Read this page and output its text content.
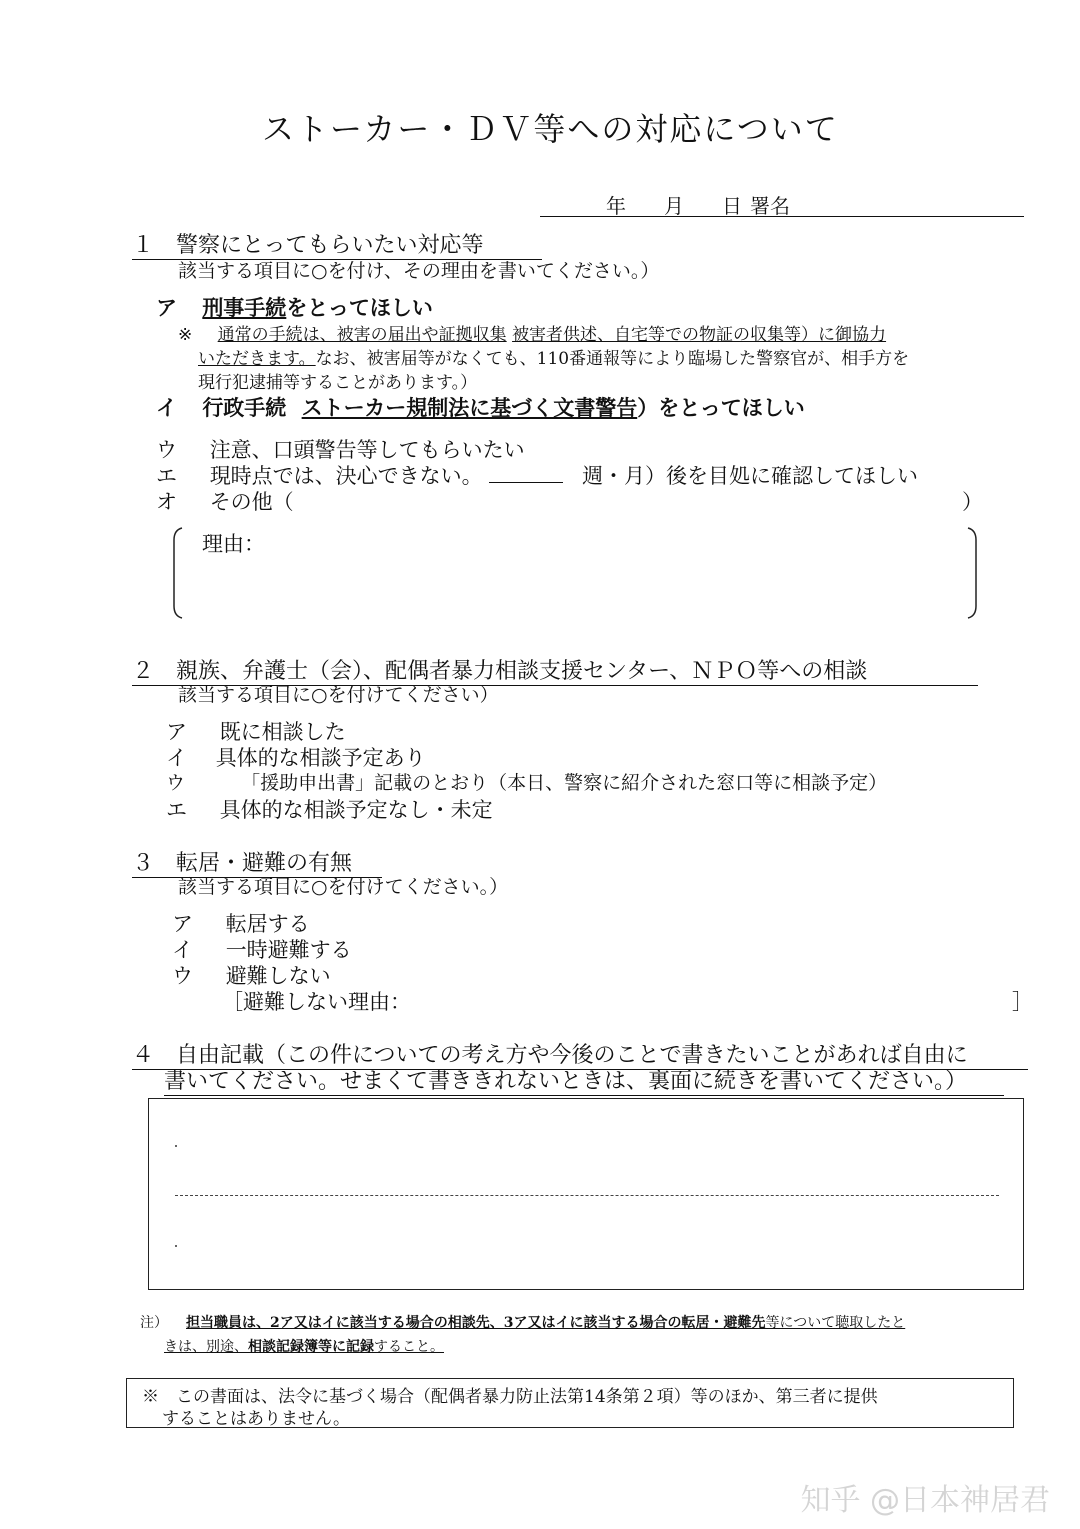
ストーカー・ＤＶ等への対応について
年 月 日 署名
１　警察にとってもらいたい対応等
該当する項目に○を付け、その理由を書いてください。）
ア 刑事手続をとってほしい
※ 通常の手続は、被害の届出や証拠収集 被害者供述、自宅等での物証の収集等）に御協力
いただきます。なお、被害届等がなくても、110番通報等により臨場した警察官が、相手方を
現行犯逮捕等することがあります。）
イ 行政手続 ストーカー規制法に基づく文書警告）をとってほしい
ウ 注意、口頭警告等してもらいたい
エ 現時点では、決心できない。	週・月）後を目処に確認してほしい
オ その他（	）
理由：
２　親族、弁護士（会）、配偶者暴力相談支援センター、ＮＰＯ等への相談
該当する項目に○を付けてください）
ア 既に相談した
イ 具体的な相談予定あり
ウ	「援助申出書」記載のとおり（本日、警察に紹介された窓口等に相談予定）
エ 具体的な相談予定なし・未定
３　転居・避難の有無
該当する項目に○を付けてください。）
ア 転居する
イ 一時避難する
ウ 避難しない
［避難しない理由：	］
４　自由記載（この件についての考え方や今後のことで書きたいことがあれば自由に
書いてください。せまくて書ききれないときは、裏面に続きを書いてください。）
注） 担当職員は、2ア又はイに該当する場合の相談先、3ア又はイに該当する場合の転居・避難先等について聴取したと
きは、別途、相談記録簿等に記録すること。
※　この書面は、法令に基づく場合（配偶者暴力防止法第14条第２項）等のほか、第三者に提供
することはありません。
知乎 @日本神居君
